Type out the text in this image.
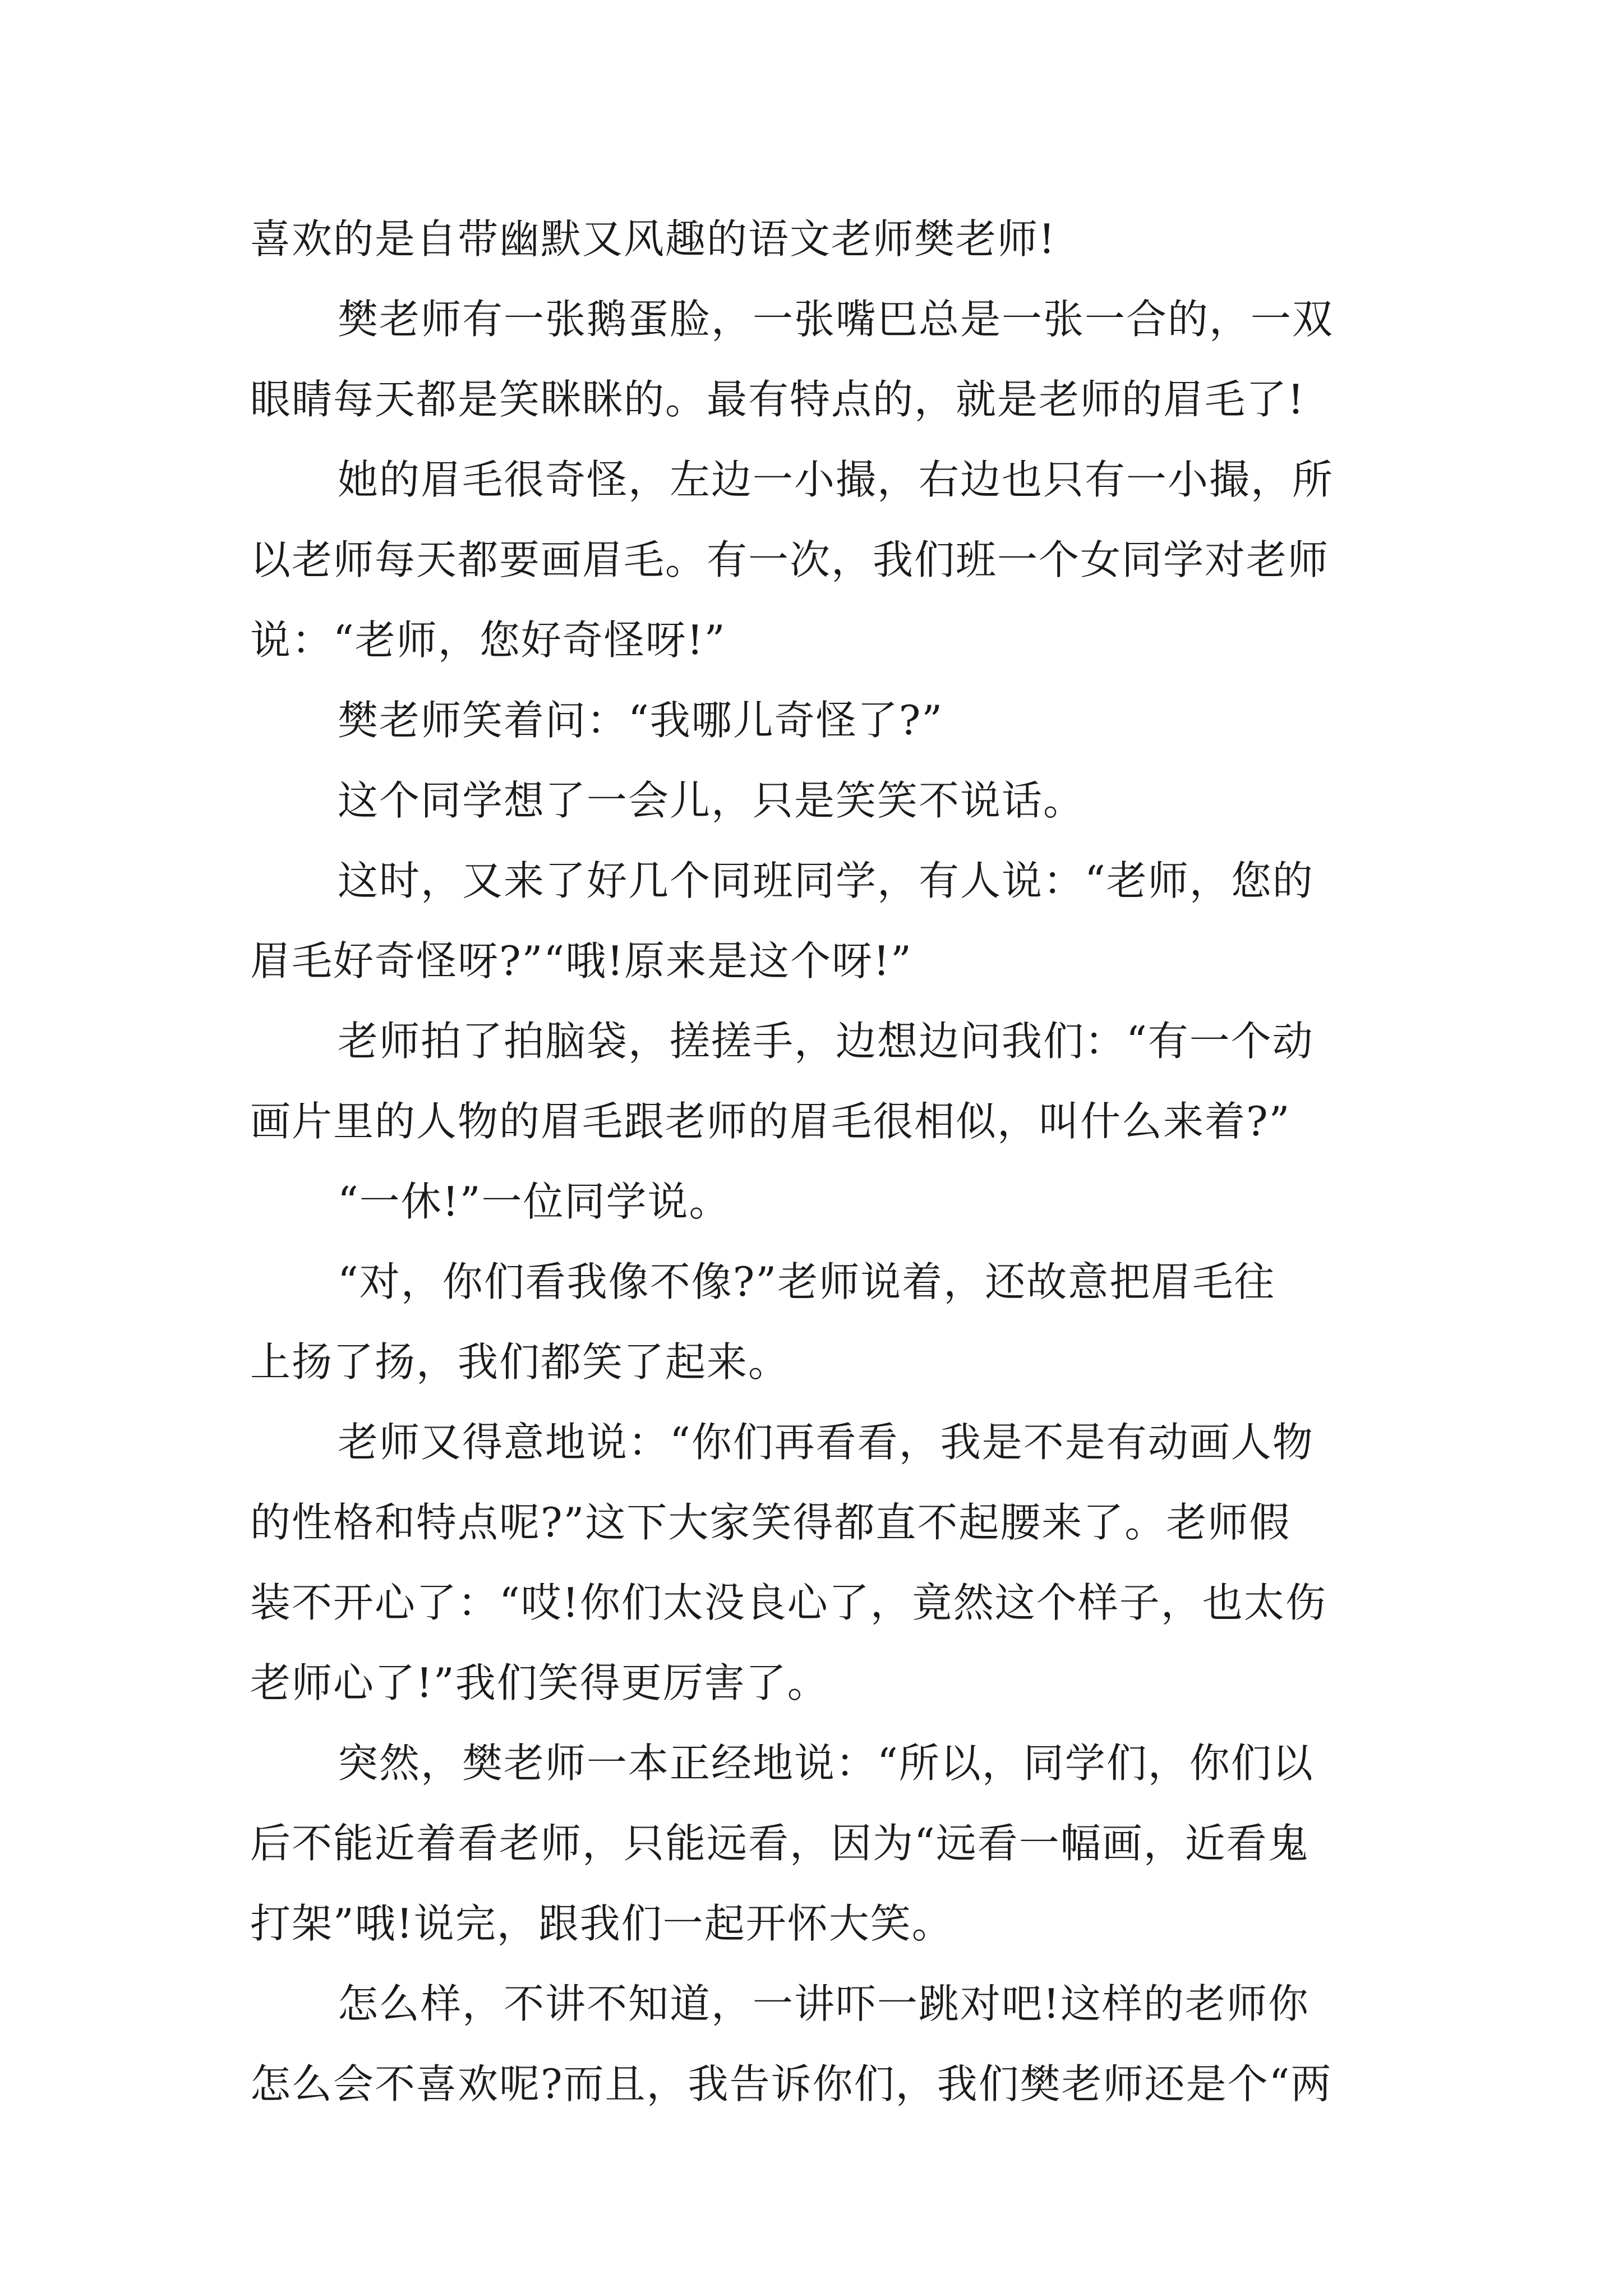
喜欢的是自带幽默又风趣的语文老师樊老师!
樊老师有一张鹅蛋脸，一张嘴巴总是一张一合的，一双
眼睛每天都是笑眯眯的。最有特点的，就是老师的眉毛了!
她的眉毛很奇怪，左边一小撮，右边也只有一小撮，所
以老师每天都要画眉毛。有一次，我们班一个女同学对老师
说：“老师，您好奇怪呀!”
樊老师笑着问：“我哪儿奇怪了?”
这个同学想了一会儿，只是笑笑不说话。
这时，又来了好几个同班同学，有人说：“老师，您的
眉毛好奇怪呀?”“哦!原来是这个呀!”
老师拍了拍脑袋，搓搓手，边想边问我们：“有一个动
画片里的人物的眉毛跟老师的眉毛很相似，叫什么来着?”
“一休!”一位同学说。
“对，你们看我像不像?”老师说着，还故意把眉毛往
上扬了扬，我们都笑了起来。
老师又得意地说：“你们再看看，我是不是有动画人物
的性格和特点呢?”这下大家笑得都直不起腰来了。老师假
装不开心了：“哎!你们太没良心了，竟然这个样子，也太伤
老师心了!”我们笑得更厉害了。
突然，樊老师一本正经地说：“所以，同学们，你们以
后不能近着看老师，只能远看，因为“远看一幅画，近看鬼
打架”哦!说完，跟我们一起开怀大笑。
怎么样，不讲不知道，一讲吓一跳对吧!这样的老师你
怎么会不喜欢呢?而且，我告诉你们，我们樊老师还是个“两
